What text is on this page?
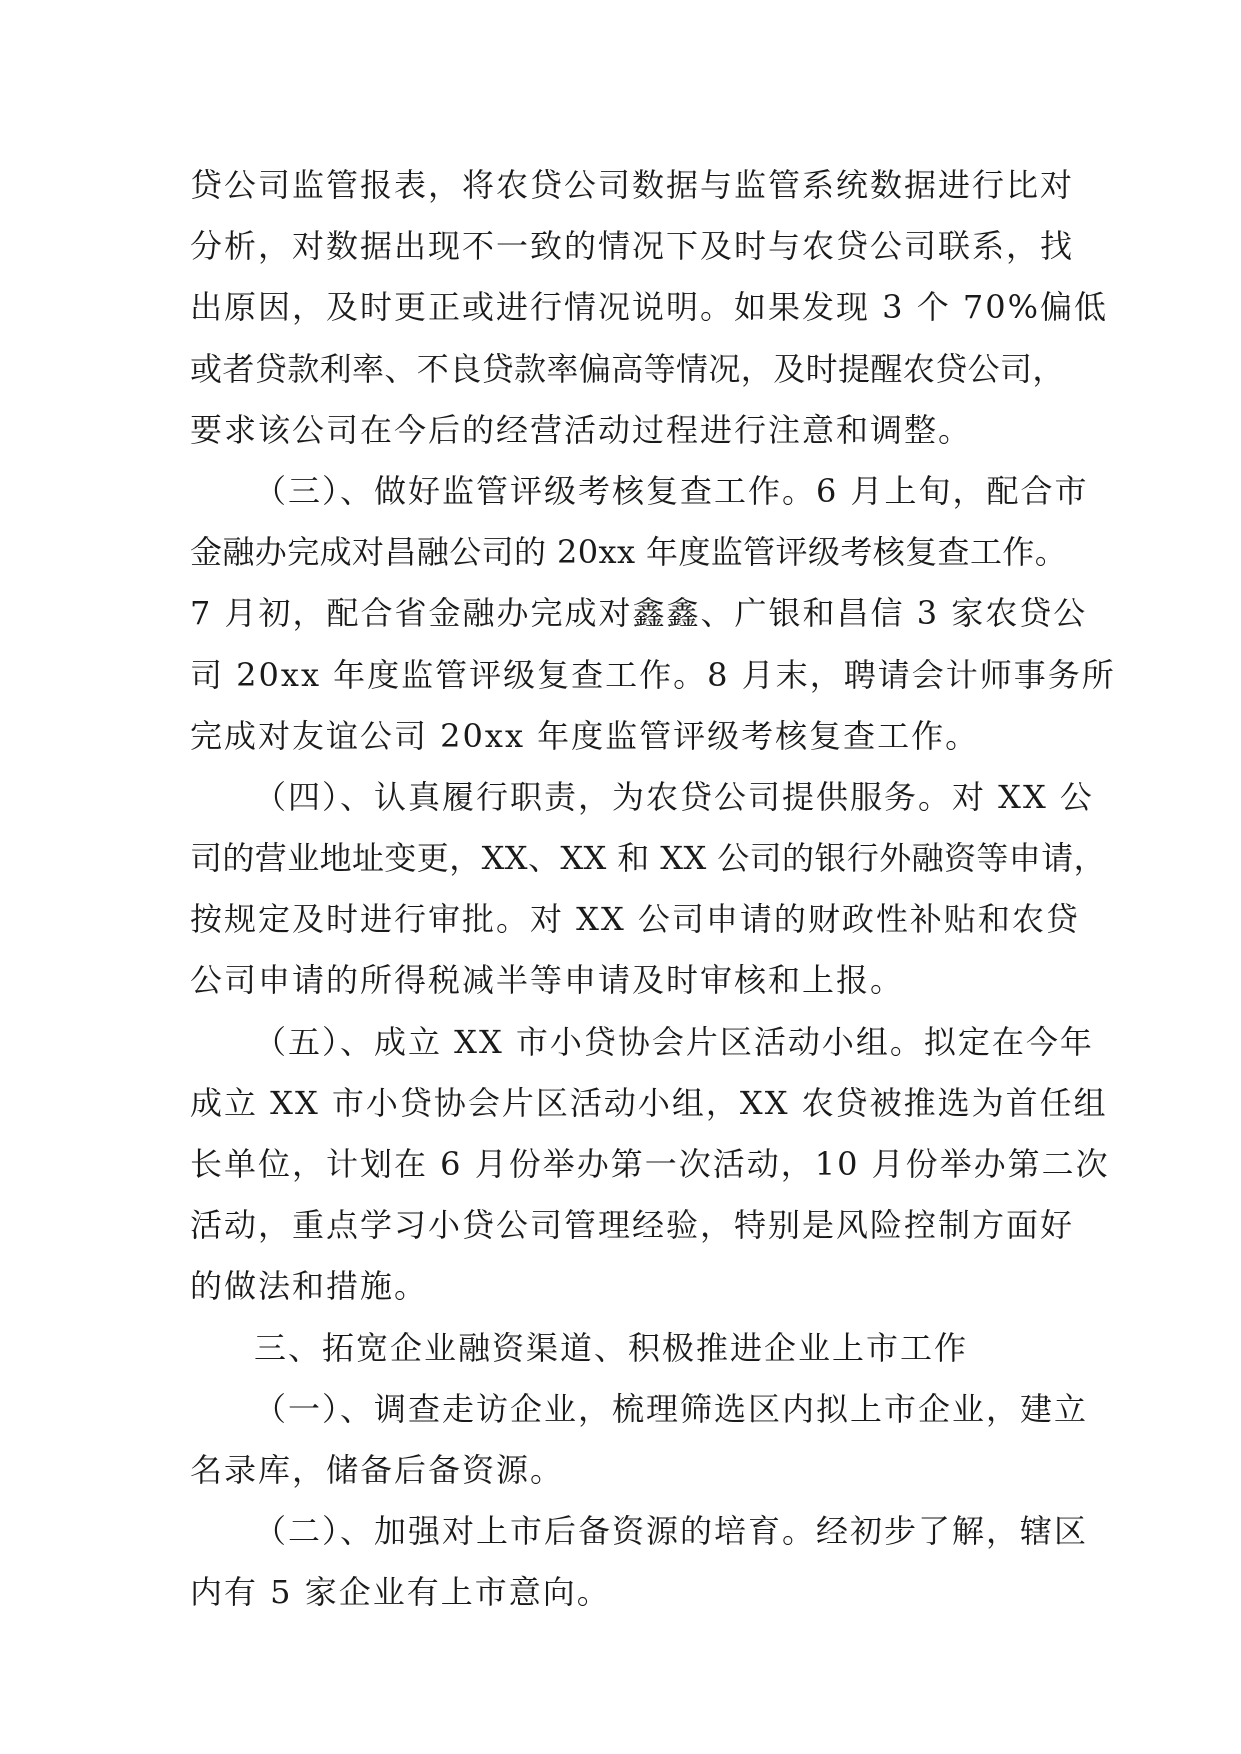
贷公司监管报表，将农贷公司数据与监管系统数据进行比对
分析，对数据出现不一致的情况下及时与农贷公司联系，找
出原因，及时更正或进行情况说明。如果发现 3 个 70%偏低
或者贷款利率、不良贷款率偏高等情况，及时提醒农贷公司，
要求该公司在今后的经营活动过程进行注意和调整。
（三）、做好监管评级考核复查工作。6 月上旬，配合市
金融办完成对昌融公司的 20xx 年度监管评级考核复查工作。
7 月初，配合省金融办完成对鑫鑫、广银和昌信 3 家农贷公
司 20xx 年度监管评级复查工作。8 月末，聘请会计师事务所
完成对友谊公司 20xx 年度监管评级考核复查工作。
（四）、认真履行职责，为农贷公司提供服务。对 XX 公
司的营业地址变更，XX、XX 和 XX 公司的银行外融资等申请，
按规定及时进行审批。对 XX 公司申请的财政性补贴和农贷
公司申请的所得税减半等申请及时审核和上报。
（五）、成立 XX 市小贷协会片区活动小组。拟定在今年
成立 XX 市小贷协会片区活动小组，XX 农贷被推选为首任组
长单位，计划在 6 月份举办第一次活动，10 月份举办第二次
活动，重点学习小贷公司管理经验，特别是风险控制方面好
的做法和措施。
三、拓宽企业融资渠道、积极推进企业上市工作
（一）、调查走访企业，梳理筛选区内拟上市企业，建立
名录库，储备后备资源。
（二）、加强对上市后备资源的培育。经初步了解，辖区
内有 5 家企业有上市意向。
